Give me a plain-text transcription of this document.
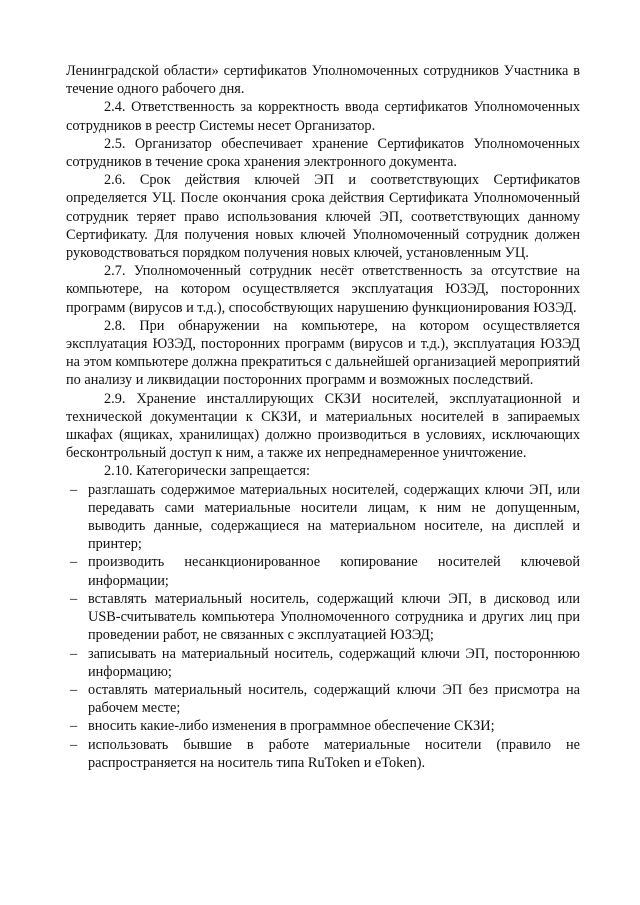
Ленинградской области» сертификатов Уполномоченных сотрудников Участника в течение одного рабочего дня.

2.4. Ответственность за корректность ввода сертификатов Уполномоченных сотрудников в реестр Системы несет Организатор.

2.5. Организатор обеспечивает хранение Сертификатов Уполномоченных сотрудников в течение срока хранения электронного документа.

2.6. Срок действия ключей ЭП и соответствующих Сертификатов определяется УЦ. После окончания срока действия Сертификата Уполномоченный сотрудник теряет право использования ключей ЭП, соответствующих данному Сертификату. Для получения новых ключей Уполномоченный сотрудник должен руководствоваться порядком получения новых ключей, установленным УЦ.

2.7. Уполномоченный сотрудник несёт ответственность за отсутствие на компьютере, на котором осуществляется эксплуатация ЮЗЭД, посторонних программ (вирусов и т.д.), способствующих нарушению функционирования ЮЗЭД.

2.8. При обнаружении на компьютере, на котором осуществляется эксплуатация ЮЗЭД, посторонних программ (вирусов и т.д.), эксплуатация ЮЗЭД на этом компьютере должна прекратиться с дальнейшей организацией мероприятий по анализу и ликвидации посторонних программ и возможных последствий.

2.9. Хранение инсталлирующих СКЗИ носителей, эксплуатационной и технической документации к СКЗИ, и материальных носителей в запираемых шкафах (ящиках, хранилищах) должно производиться в условиях, исключающих бесконтрольный доступ к ним, а также их непреднамеренное уничтожение.

2.10. Категорически запрещается:

– разглашать содержимое материальных носителей, содержащих ключи ЭП, или передавать сами материальные носители лицам, к ним не допущенным, выводить данные, содержащиеся на материальном носителе, на дисплей и принтер;
– производить несанкционированное копирование носителей ключевой информации;
– вставлять материальный носитель, содержащий ключи ЭП, в дисковод или USB-считыватель компьютера Уполномоченного сотрудника и других лиц при проведении работ, не связанных с эксплуатацией ЮЗЭД;
– записывать на материальный носитель, содержащий ключи ЭП, постороннюю информацию;
– оставлять материальный носитель, содержащий ключи ЭП без присмотра на рабочем месте;
– вносить какие-либо изменения в программное обеспечение СКЗИ;
– использовать бывшие в работе материальные носители (правило не распространяется на носитель типа RuToken и eToken).
